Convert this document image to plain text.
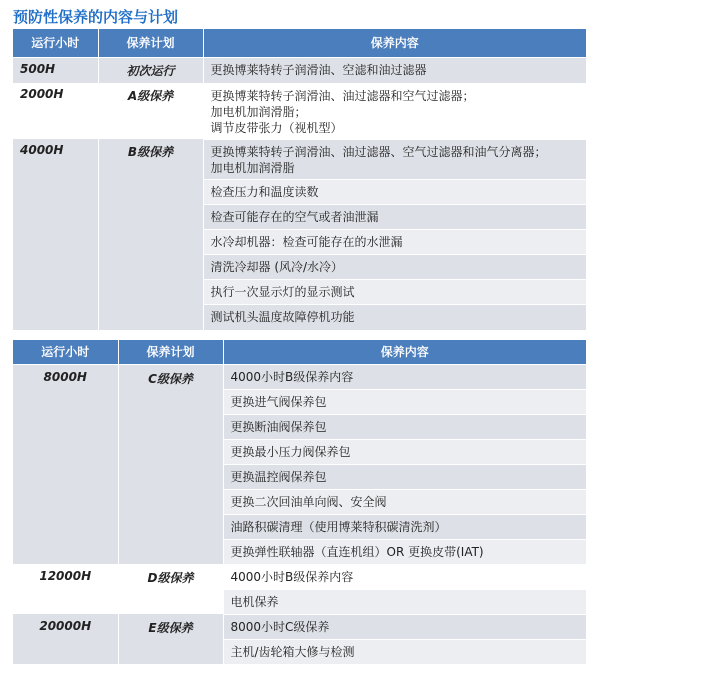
预防性保养的内容与计划
运行小时	保养计划	保养内容
500H	初次运行	更换博莱特转子润滑油、空滤和油过滤器
2000H	A级保养	更换博莱特转子润滑油、油过滤器和空气过滤器；
加电机加润滑脂；
调节皮带张力（视机型）
4000H	B级保养	更换博莱特转子润滑油、油过滤器、空气过滤器和油气分离器；
加电机加润滑脂
		检查压力和温度读数
		检查可能存在的空气或者油泄漏
		水冷却机器：检查可能存在的水泄漏
		清洗冷却器 (风冷/水冷）
		执行一次显示灯的显示测试
		测试机头温度故障停机功能
运行小时	保养计划	保养内容
8000H	C级保养	4000小时B级保养内容
		更换进气阀保养包
		更换断油阀保养包
		更换最小压力阀保养包
		更换温控阀保养包
		更换二次回油单向阀、安全阀
		油路积碳清理（使用博莱特积碳清洗剂）
		更换弹性联轴器（直连机组）OR 更换皮带(IAT)
12000H	D级保养	4000小时B级保养内容
		电机保养
20000H	E级保养	8000小时C级保养
		主机/齿轮箱大修与检测
